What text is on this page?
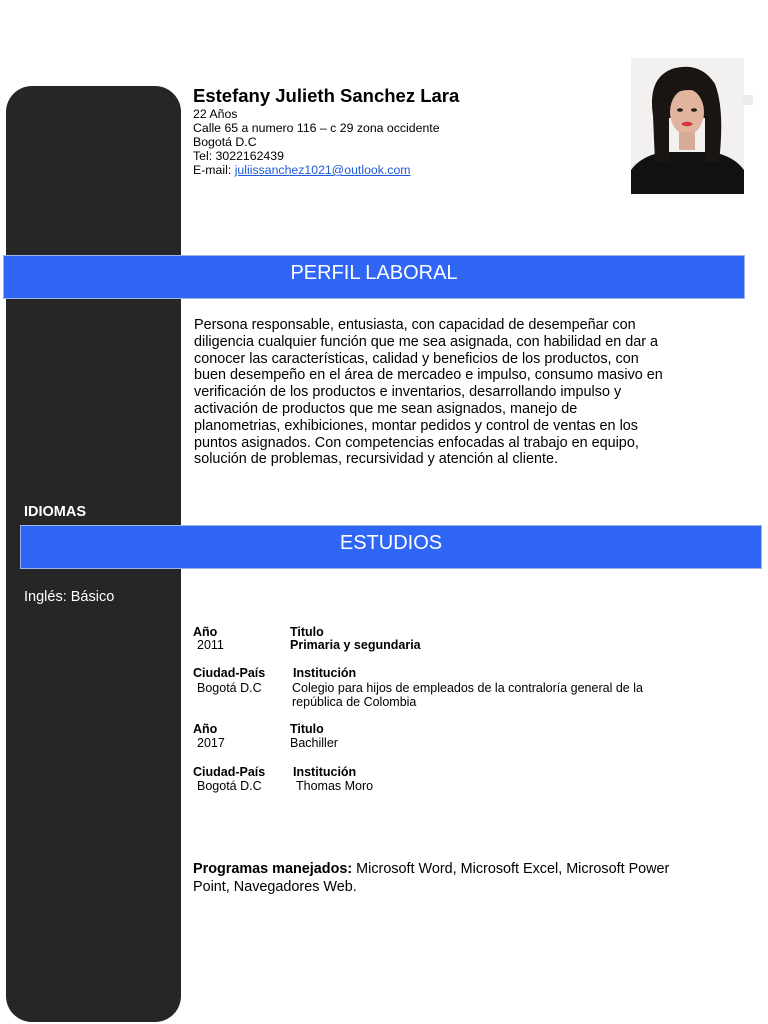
IDIOMAS
Inglés: Básico
Estefany Julieth Sanchez Lara
22 Años
Calle 65 a numero 116 – c 29 zona occidente
Bogotá D.C
Tel: 3022162439
E-mail: juliissanchez1021@outlook.com
PERFIL LABORAL
Persona responsable, entusiasta, con capacidad de desempeñar con diligencia cualquier función que me sea asignada, con habilidad en dar a conocer las características, calidad y beneficios de los productos, con buen desempeño en el área de mercadeo e impulso, consumo masivo en verificación de los productos e inventarios, desarrollando impulso y activación de productos que me sean asignados, manejo de planometrias, exhibiciones, montar pedidos y control de ventas en los puntos asignados. Con competencias enfocadas al trabajo en equipo, solución de problemas, recursividad y atención al cliente.
ESTUDIOS
Año	Titulo
2011	Primaria y segundaria
Ciudad-País Institución
Bogotá D.C Colegio para hijos de empleados de la contraloría general de la república de Colombia
Año	Titulo
2017	Bachiller
Ciudad-País Institución
Bogotá D.C	Thomas Moro
Programas manejados: Microsoft Word, Microsoft Excel, Microsoft Power Point, Navegadores Web.
